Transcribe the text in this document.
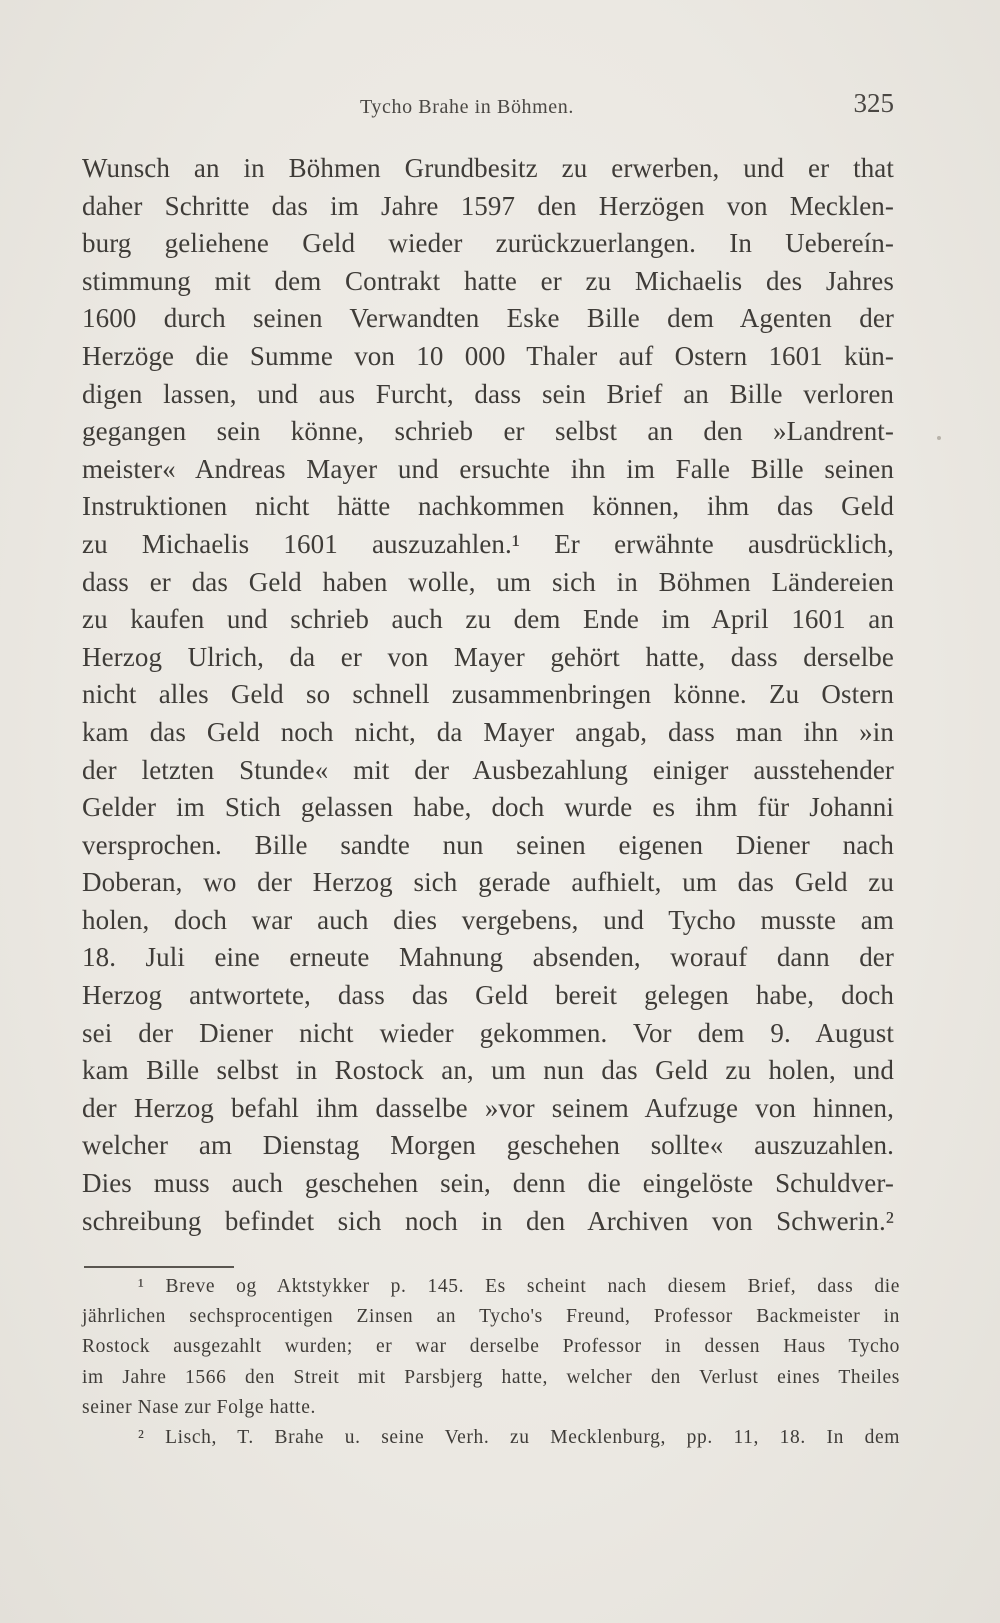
Tycho Brahe in Böhmen.	325
Wunsch an in Böhmen Grundbesitz zu erwerben, und er that
daher Schritte das im Jahre 1597 den Herzögen von Mecklen-
burg geliehene Geld wieder zurückzuerlangen. In Uebereín-
stimmung mit dem Contrakt hatte er zu Michaelis des Jahres
1600 durch seinen Verwandten Eske Bille dem Agenten der
Herzöge die Summe von 10 000 Thaler auf Ostern 1601 kün-
digen lassen, und aus Furcht, dass sein Brief an Bille verloren
gegangen sein könne, schrieb er selbst an den »Landrent-
meister« Andreas Mayer und ersuchte ihn im Falle Bille seinen
Instruktionen nicht hätte nachkommen können, ihm das Geld
zu Michaelis 1601 auszuzahlen.¹ Er erwähnte ausdrücklich,
dass er das Geld haben wolle, um sich in Böhmen Ländereien
zu kaufen und schrieb auch zu dem Ende im April 1601 an
Herzog Ulrich, da er von Mayer gehört hatte, dass derselbe
nicht alles Geld so schnell zusammenbringen könne. Zu Ostern
kam das Geld noch nicht, da Mayer angab, dass man ihn »in
der letzten Stunde« mit der Ausbezahlung einiger ausstehender
Gelder im Stich gelassen habe, doch wurde es ihm für Johanni
versprochen. Bille sandte nun seinen eigenen Diener nach
Doberan, wo der Herzog sich gerade aufhielt, um das Geld zu
holen, doch war auch dies vergebens, und Tycho musste am
18. Juli eine erneute Mahnung absenden, worauf dann der
Herzog antwortete, dass das Geld bereit gelegen habe, doch
sei der Diener nicht wieder gekommen. Vor dem 9. August
kam Bille selbst in Rostock an, um nun das Geld zu holen, und
der Herzog befahl ihm dasselbe »vor seinem Aufzuge von hinnen,
welcher am Dienstag Morgen geschehen sollte« auszuzahlen.
Dies muss auch geschehen sein, denn die eingelöste Schuldver-
schreibung befindet sich noch in den Archiven von Schwerin.²
¹ Breve og Aktstykker p. 145. Es scheint nach diesem Brief, dass die
jährlichen sechsprocentigen Zinsen an Tycho's Freund, Professor Backmeister in
Rostock ausgezahlt wurden; er war derselbe Professor in dessen Haus Tycho
im Jahre 1566 den Streit mit Parsbjerg hatte, welcher den Verlust eines Theiles
seiner Nase zur Folge hatte.
² Lisch, T. Brahe u. seine Verh. zu Mecklenburg, pp. 11, 18. In dem
